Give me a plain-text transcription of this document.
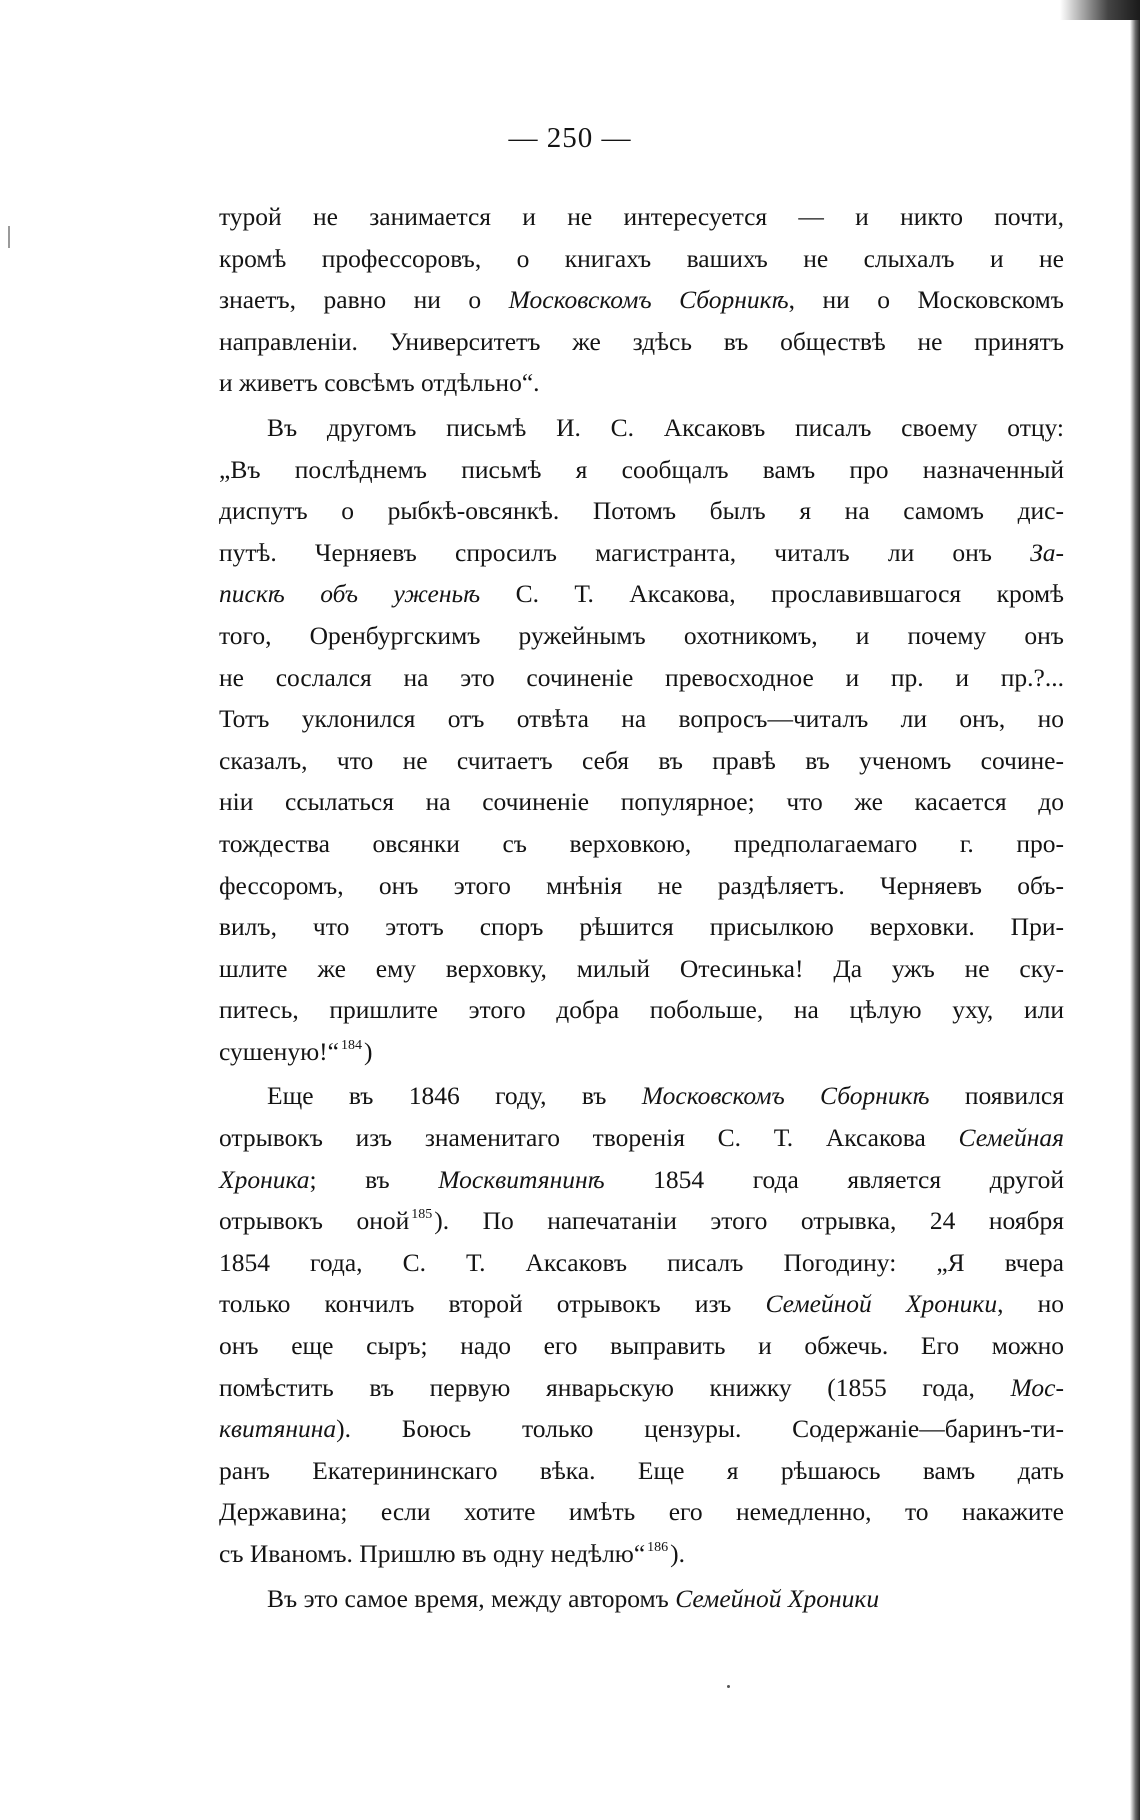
— 250 —
турой не занимается и не интересуется — и никто почти,
кромѣ профессоровъ, о книгахъ вашихъ не слыхалъ и не
знаетъ, равно ни о Московскомъ Сборникѣ, ни о Московскомъ
направленіи. Университетъ же здѣсь въ обществѣ не принятъ
и живетъ совсѣмъ отдѣльно“.
Въ другомъ письмѣ И. С. Аксаковъ писалъ своему отцу:
„Въ послѣднемъ письмѣ я сообщалъ вамъ про назначенный
диспутъ о рыбкѣ-овсянкѣ. Потомъ былъ я на самомъ дис-
путѣ. Черняевъ спросилъ магистранта, читалъ ли онъ За-
пискѣ объ уженьѣ С. Т. Аксакова, прославившагося кромѣ
того, Оренбургскимъ ружейнымъ охотникомъ, и почему онъ
не сослался на это сочиненіе превосходное и пр. и пр.?...
Тотъ уклонился отъ отвѣта на вопросъ—читалъ ли онъ, но
сказалъ, что не считаетъ себя въ правѣ въ ученомъ сочине-
ніи ссылаться на сочиненіе популярное; что же касается до
тождества овсянки съ верховкою, предполагаемаго г. про-
фессоромъ, онъ этого мнѣнія не раздѣляетъ. Черняевъ объ-
вилъ, что этотъ споръ рѣшится присылкою верховки. При-
шлите же ему верховку, милый Отесинька! Да ужъ не ску-
питесь, пришлите этого добра побольше, на цѣлую уху, или
сушеную!“ $^{184}$)
Еще въ 1846 году, въ Московскомъ Сборникѣ появился
отрывокъ изъ знаменитаго творенія С. Т. Аксакова Семейная
Хроника; въ Москвитянинѣ 1854 года является другой
отрывокъ оной $^{185}$). По напечатаніи этого отрывка, 24 ноября
1854 года, С. Т. Аксаковъ писалъ Погодину: „Я вчера
только кончилъ второй отрывокъ изъ Семейной Хроники, но
онъ еще сыръ; надо его выправить и обжечь. Его можно
помѣстить въ первую январьскую книжку (1855 года, Мос-
квитянина). Боюсь только цензуры. Содержаніе—баринъ-ти-
ранъ Екатерининскаго вѣка. Еще я рѣшаюсь вамъ дать
Державина; если хотите имѣть его немедленно, то накажите
съ Иваномъ. Пришлю въ одну недѣлю“ $^{186}$).
Въ это самое время, между авторомъ Семейной Хроники
